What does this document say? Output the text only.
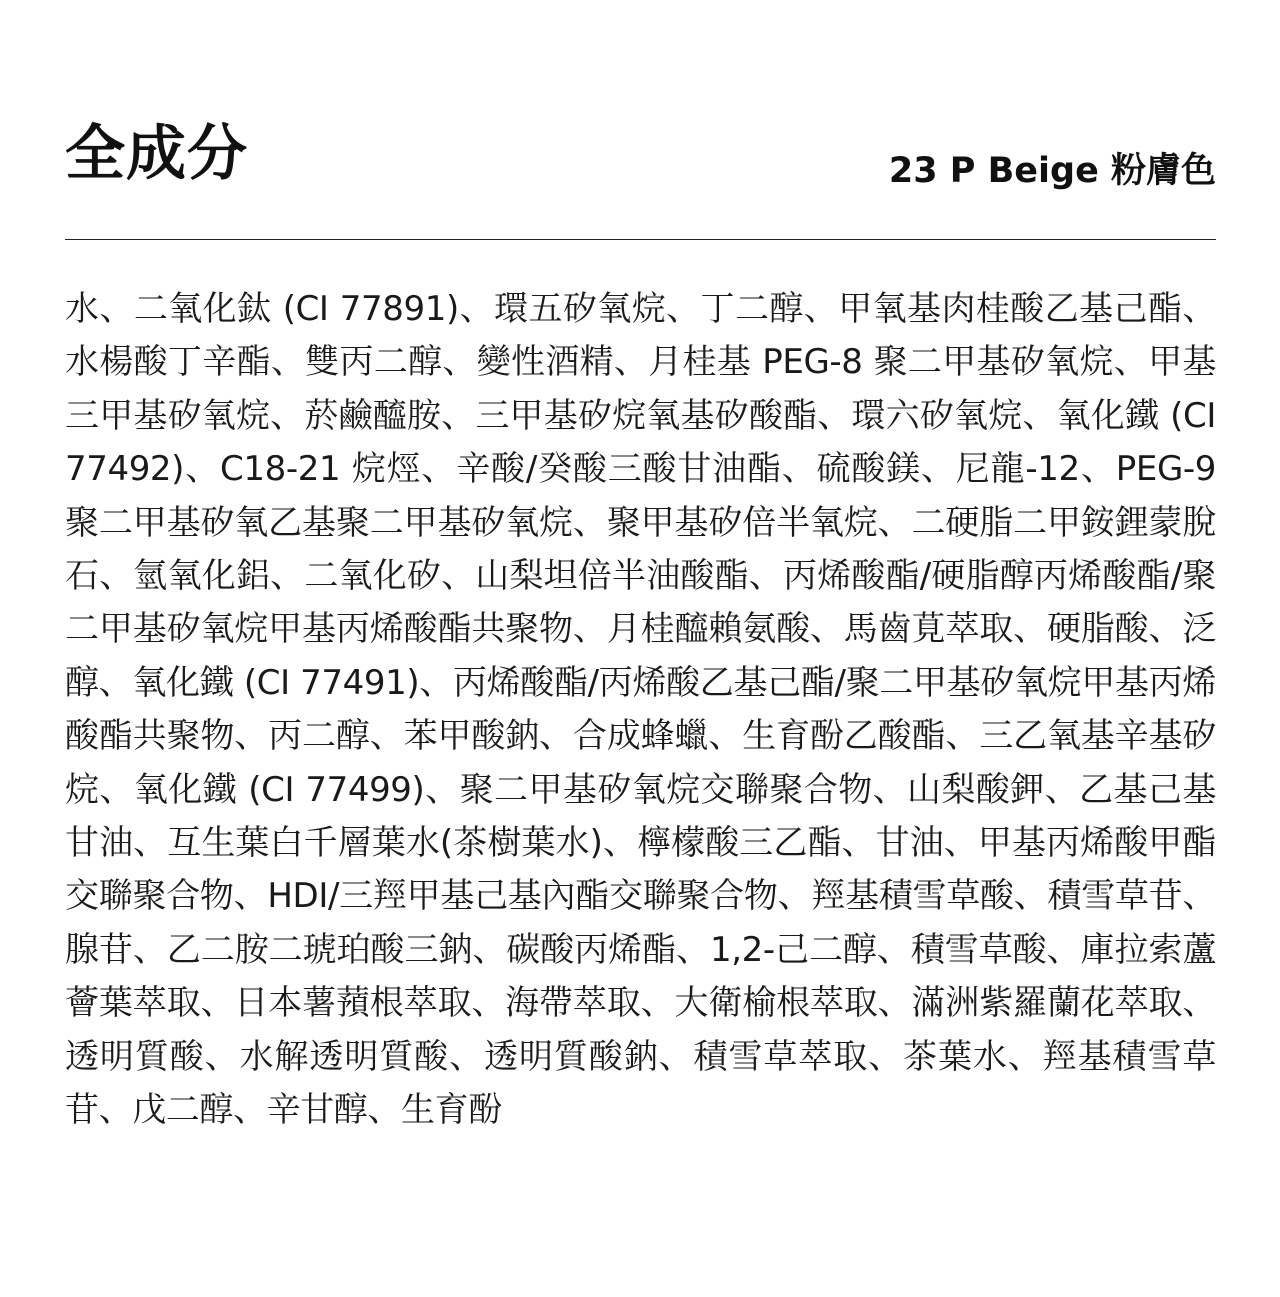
全成分	23 P Beige 粉膚色

水、二氧化鈦 (CI 77891)、環五矽氧烷、丁二醇、甲氧基肉桂酸乙基己酯、水楊酸丁辛酯、雙丙二醇、變性酒精、月桂基 PEG-8 聚二甲基矽氧烷、甲基三甲基矽氧烷、菸鹼醯胺、三甲基矽烷氧基矽酸酯、環六矽氧烷、氧化鐵 (CI 77492)、C18-21 烷烴、辛酸/癸酸三酸甘油酯、硫酸鎂、尼龍-12、PEG-9 聚二甲基矽氧乙基聚二甲基矽氧烷、聚甲基矽倍半氧烷、二硬脂二甲銨鋰蒙脫石、氫氧化鋁、二氧化矽、山梨坦倍半油酸酯、丙烯酸酯/硬脂醇丙烯酸酯/聚二甲基矽氧烷甲基丙烯酸酯共聚物、月桂醯賴氨酸、馬齒莧萃取、硬脂酸、泛醇、氧化鐵 (CI 77491)、丙烯酸酯/丙烯酸乙基己酯/聚二甲基矽氧烷甲基丙烯酸酯共聚物、丙二醇、苯甲酸鈉、合成蜂蠟、生育酚乙酸酯、三乙氧基辛基矽烷、氧化鐵 (CI 77499)、聚二甲基矽氧烷交聯聚合物、山梨酸鉀、乙基己基甘油、互生葉白千層葉水(茶樹葉水)、檸檬酸三乙酯、甘油、甲基丙烯酸甲酯交聯聚合物、HDI/三羥甲基己基內酯交聯聚合物、羥基積雪草酸、積雪草苷、腺苷、乙二胺二琥珀酸三鈉、碳酸丙烯酯、1,2-己二醇、積雪草酸、庫拉索蘆薈葉萃取、日本薯蕷根萃取、海帶萃取、大衛榆根萃取、滿洲紫羅蘭花萃取、透明質酸、水解透明質酸、透明質酸鈉、積雪草萃取、茶葉水、羥基積雪草苷、戊二醇、辛甘醇、生育酚
